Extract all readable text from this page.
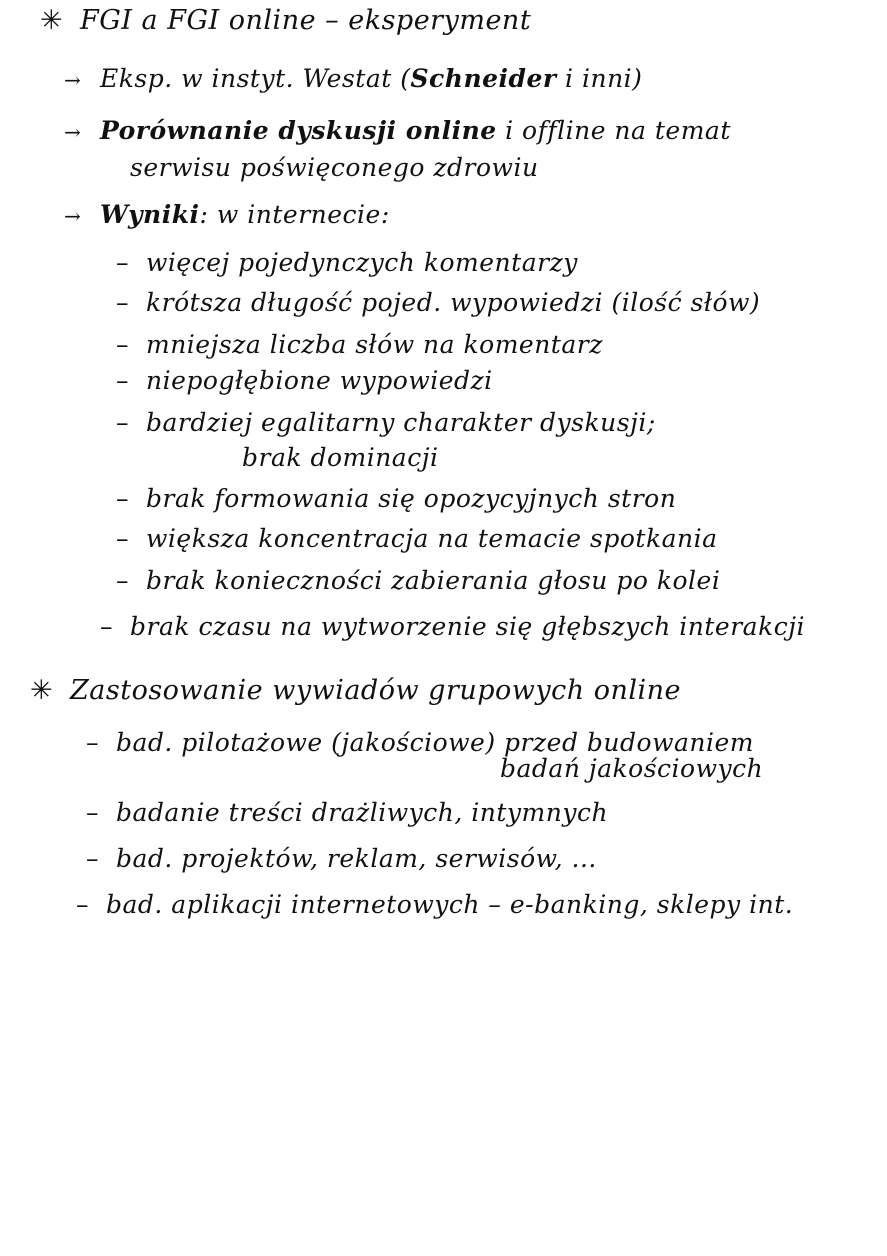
✳ FGI a FGI online – eksperyment
→ Eksp. w instyt. Westat (Schneider i inni)
→ Porównanie dyskusji online i offline na temat
serwisu poświęconego zdrowiu
→ Wyniki: w internecie:
– więcej pojedynczych komentarzy
– krótsza długość pojed. wypowiedzi (ilość słów)
– mniejsza liczba słów na komentarz
– niepogłębione wypowiedzi
– bardziej egalitarny charakter dyskusji;
brak dominacji
– brak formowania się opozycyjnych stron
– większa koncentracja na temacie spotkania
– brak konieczności zabierania głosu po kolei
– brak czasu na wytworzenie się głębszych interakcji
✳ Zastosowanie wywiadów grupowych online
– bad. pilotażowe (jakościowe) przed budowaniem
badań jakościowych
– badanie treści drażliwych, intymnych
– bad. projektów, reklam, serwisów, ...
– bad. aplikacji internetowych – e-banking, sklepy int.
